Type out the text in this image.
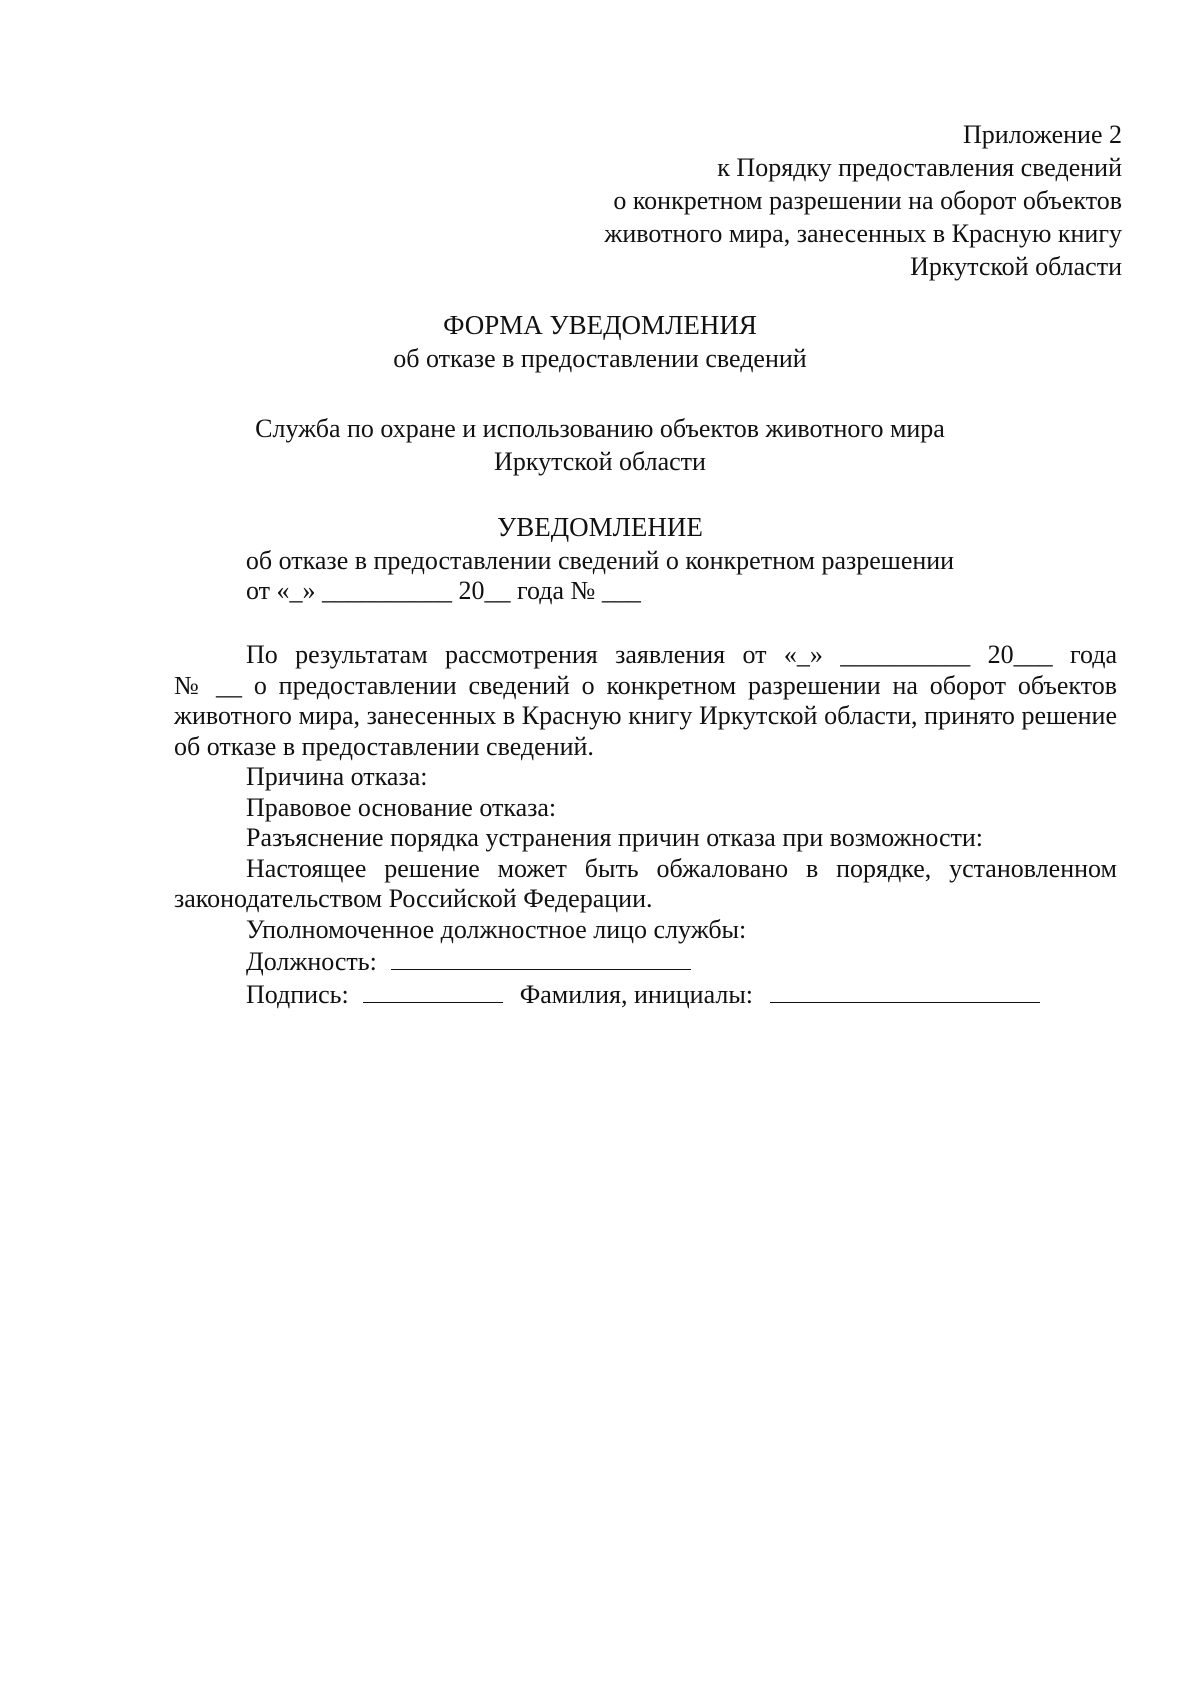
Приложение 2
к Порядку предоставления сведений
о конкретном разрешении на оборот объектов
животного мира, занесенных в Красную книгу
Иркутской области
ФОРМА УВЕДОМЛЕНИЯ
об отказе в предоставлении сведений
Служба по охране и использованию объектов животного мира
Иркутской области
УВЕДОМЛЕНИЕ
об отказе в предоставлении сведений о конкретном разрешении
от «_» __________ 20__ года № ___

По результатам рассмотрения заявления от «_» __________ 20___ года

№ __ о предоставлении сведений о конкретном разрешении на оборот объектов животного мира, занесенных в Красную книгу Иркутской области, принято решение об отказе в предоставлении сведений.

Причина отказа:

Правовое основание отказа:

Разъяснение порядка устранения причин отказа при возможности:

Настоящее решение может быть обжаловано в порядке, установленном законодательством Российской Федерации.

Уполномоченное должностное лицо службы:

Должность:
Подпись:	Фамилия, инициалы:
